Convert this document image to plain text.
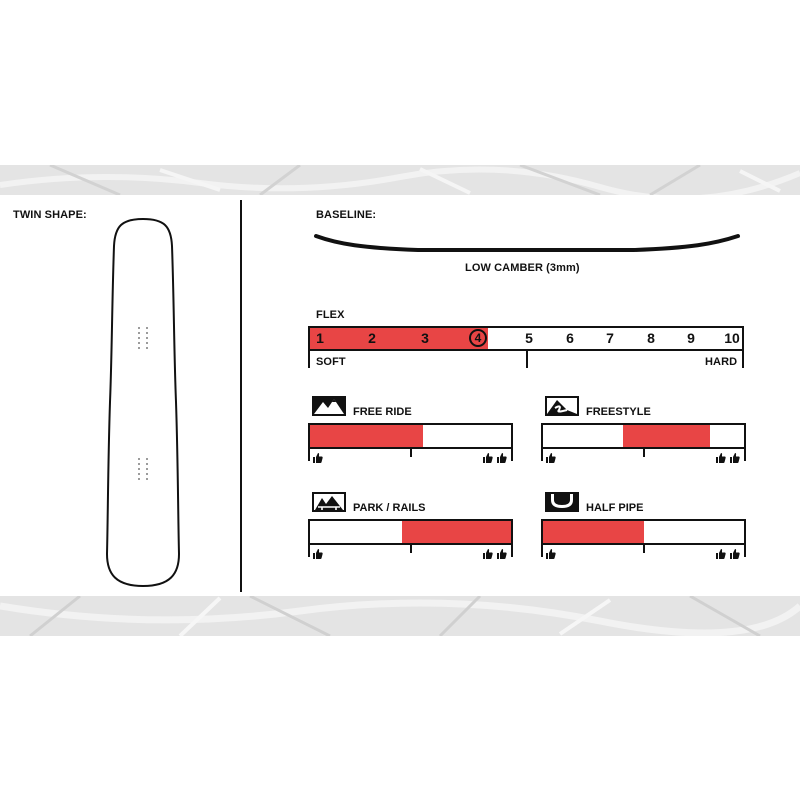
TWIN SHAPE:	BASELINE:
LOW CAMBER (3mm)
FLEX
1	2	3	4	5 6 7 8 9 10
SOFT	HARD
FREE RIDE
	FREESTYLE

PARK / RAILS
	HALF PIPE
